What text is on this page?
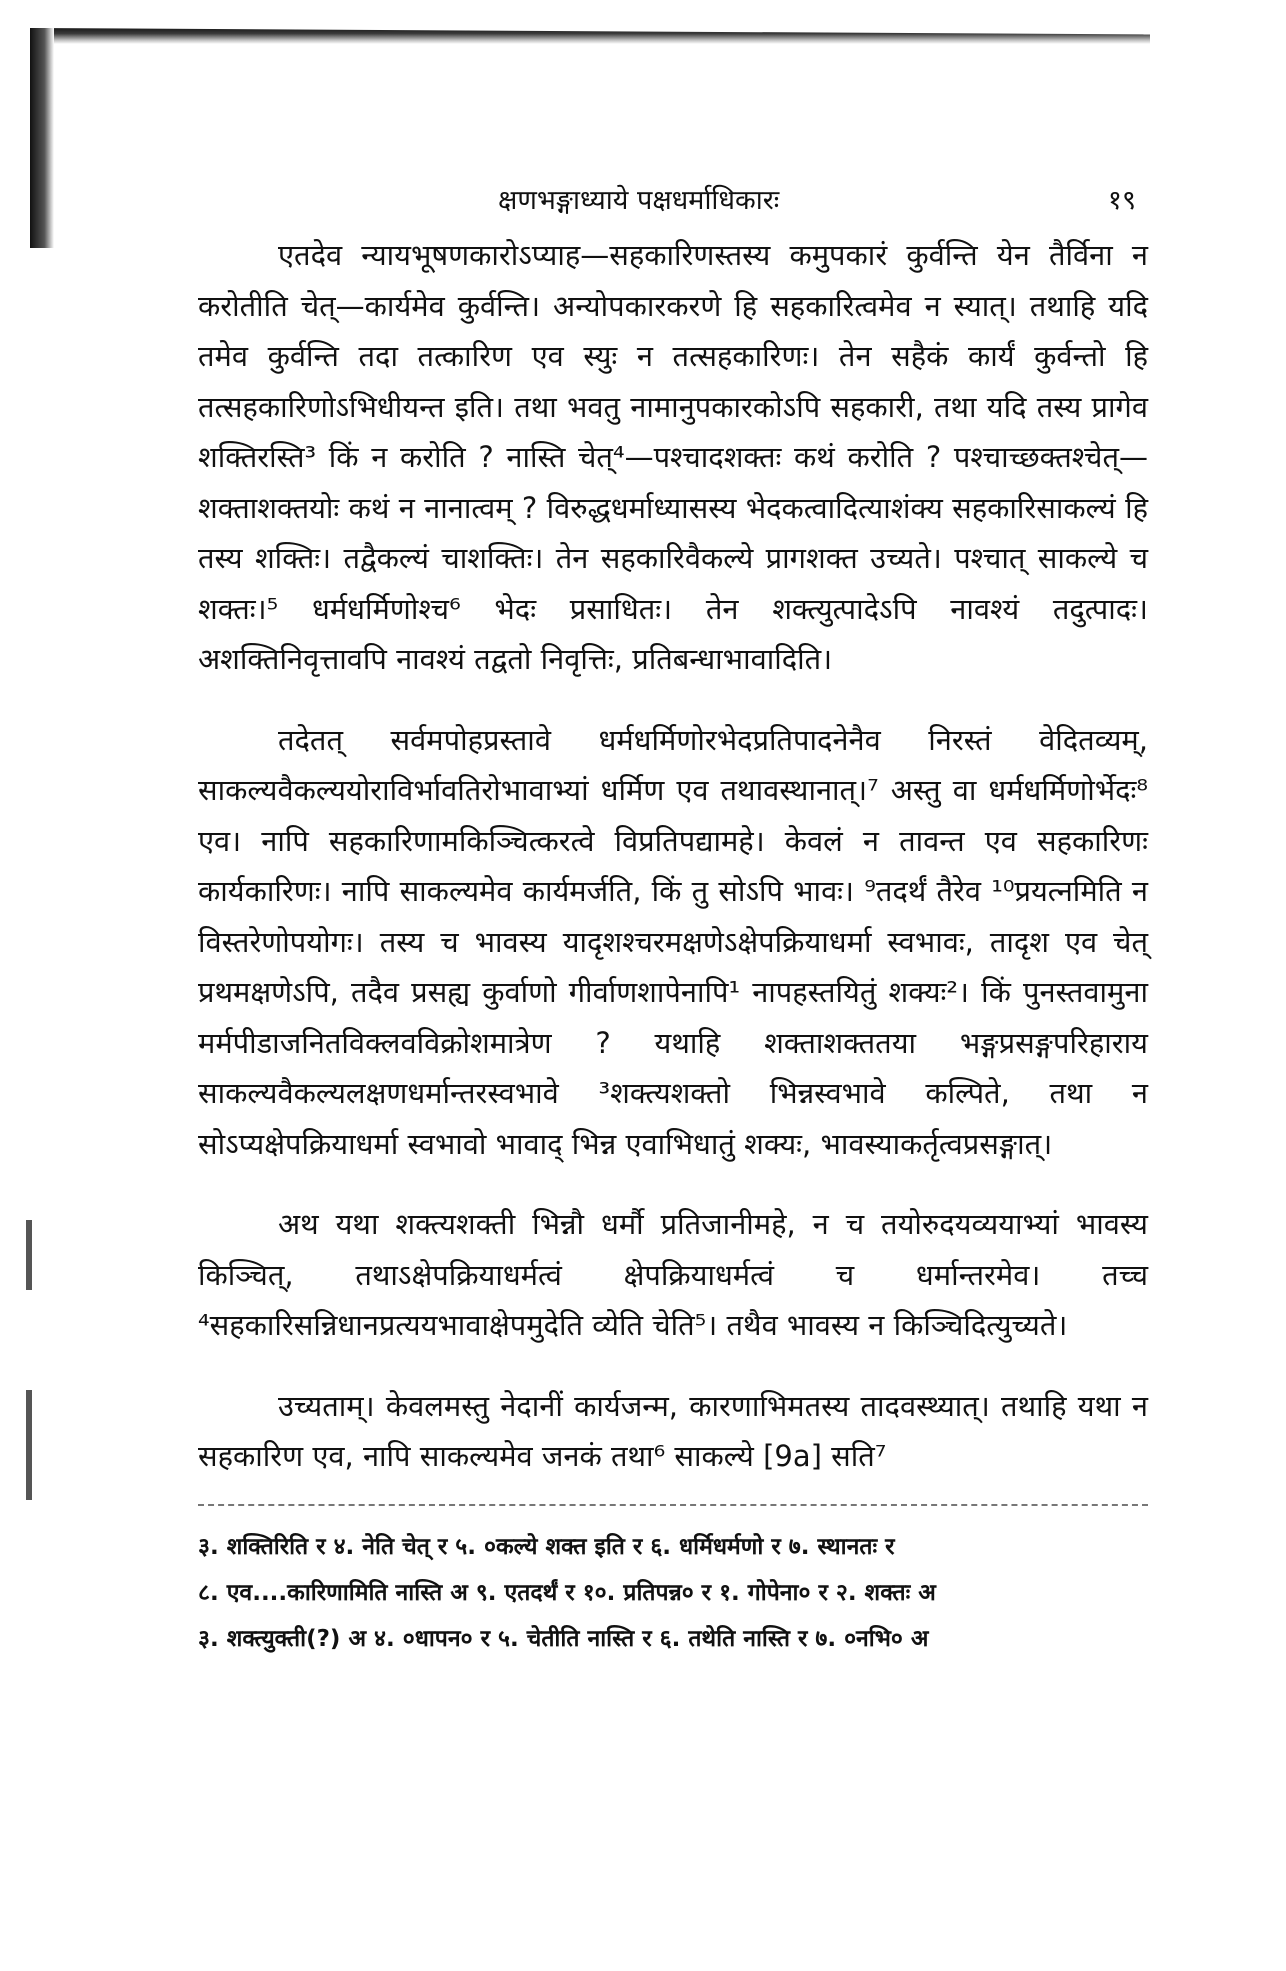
क्षणभङ्गाध्याये पक्षधर्माधिकारः	१९

एतदेव न्यायभूषणकारोऽप्याह—सहकारिणस्तस्य कमुपकारं कुर्वन्ति येन तैर्विना न करोतीति चेत्—कार्यमेव कुर्वन्ति। अन्योपकारकरणे हि सहकारित्वमेव न स्यात्। तथाहि यदि तमेव कुर्वन्ति तदा तत्कारिण एव स्युः न तत्सहकारिणः। तेन सहैकं कार्यं कुर्वन्तो हि तत्सहकारिणोऽभिधीयन्त इति। तथा भवतु नामानुपकारकोऽपि सहकारी, तथा यदि तस्य प्रागेव शक्तिरस्ति³ किं न करोति ? नास्ति चेत्⁴—पश्चादशक्तः कथं करोति ? पश्चाच्छक्तश्चेत्—शक्ताशक्तयोः कथं न नानात्वम् ? विरुद्धधर्माध्यासस्य भेदकत्वादित्याशंक्य सहकारिसाकल्यं हि तस्य शक्तिः। तद्वैकल्यं चाशक्तिः। तेन सहकारिवैकल्ये प्रागशक्त उच्यते। पश्चात् साकल्ये च शक्तः।⁵ धर्मधर्मिणोश्च⁶ भेदः प्रसाधितः। तेन शक्त्युत्पादेऽपि नावश्यं तदुत्पादः। अशक्तिनिवृत्तावपि नावश्यं तद्वतो निवृत्तिः, प्रतिबन्धाभावादिति।

तदेतत् सर्वमपोहप्रस्तावे धर्मधर्मिणोरभेदप्रतिपादनेनैव निरस्तं वेदितव्यम्, साकल्यवैकल्ययोराविर्भावतिरोभावाभ्यां धर्मिण एव तथावस्थानात्।⁷ अस्तु वा धर्मधर्मिणोर्भेदः⁸ एव। नापि सहकारिणामकिञ्चित्करत्वे विप्रतिपद्यामहे। केवलं न तावन्त एव सहकारिणः कार्यकारिणः। नापि साकल्यमेव कार्यमर्जति, किं तु सोऽपि भावः। ⁹तदर्थं तैरेव ¹⁰प्रयत्नमिति न विस्तरेणोपयोगः। तस्य च भावस्य यादृशश्चरमक्षणेऽक्षेपक्रियाधर्मा स्वभावः, तादृश एव चेत् प्रथमक्षणेऽपि, तदैव प्रसह्य कुर्वाणो गीर्वाणशापेनापि¹ नापहस्तयितुं शक्यः²। किं पुनस्तवामुना मर्मपीडाजनितविक्लवविक्रोशमात्रेण ? यथाहि शक्ताशक्ततया भङ्गप्रसङ्गपरिहाराय साकल्यवैकल्यलक्षणधर्मान्तरस्वभावे ³शक्त्यशक्तो भिन्नस्वभावे कल्पिते, तथा न सोऽप्यक्षेपक्रियाधर्मा स्वभावो भावाद् भिन्न एवाभिधातुं शक्यः, भावस्याकर्तृत्वप्रसङ्गात्।

अथ यथा शक्त्यशक्ती भिन्नौ धर्मौ प्रतिजानीमहे, न च तयोरुदयव्ययाभ्यां भावस्य किञ्चित्, तथाऽक्षेपक्रियाधर्मत्वं क्षेपक्रियाधर्मत्वं च धर्मान्तरमेव। तच्च ⁴सहकारिसन्निधानप्रत्ययभावाक्षेपमुदेति व्येति चेति⁵। तथैव भावस्य न किञ्चिदित्युच्यते।

उच्यताम्। केवलमस्तु नेदानीं कार्यजन्म, कारणाभिमतस्य तादवस्थ्यात्। तथाहि यथा न सहकारिण एव, नापि साकल्यमेव जनकं तथा⁶ साकल्ये [9a] सति⁷

३. शक्तिरिति र ४. नेति चेत् र ५. ०कल्ये शक्त इति र ६. धर्मिधर्मणो र ७. स्थानतः र
८. एव....कारिणामिति नास्ति अ ९. एतदर्थं र १०. प्रतिपन्न० र १. गोपेना० र २. शक्तः अ
३. शक्त्युक्ती(?) अ ४. ०धापन० र ५. चेतीति नास्ति र ६. तथेति नास्ति र ७. ०नभि० अ
